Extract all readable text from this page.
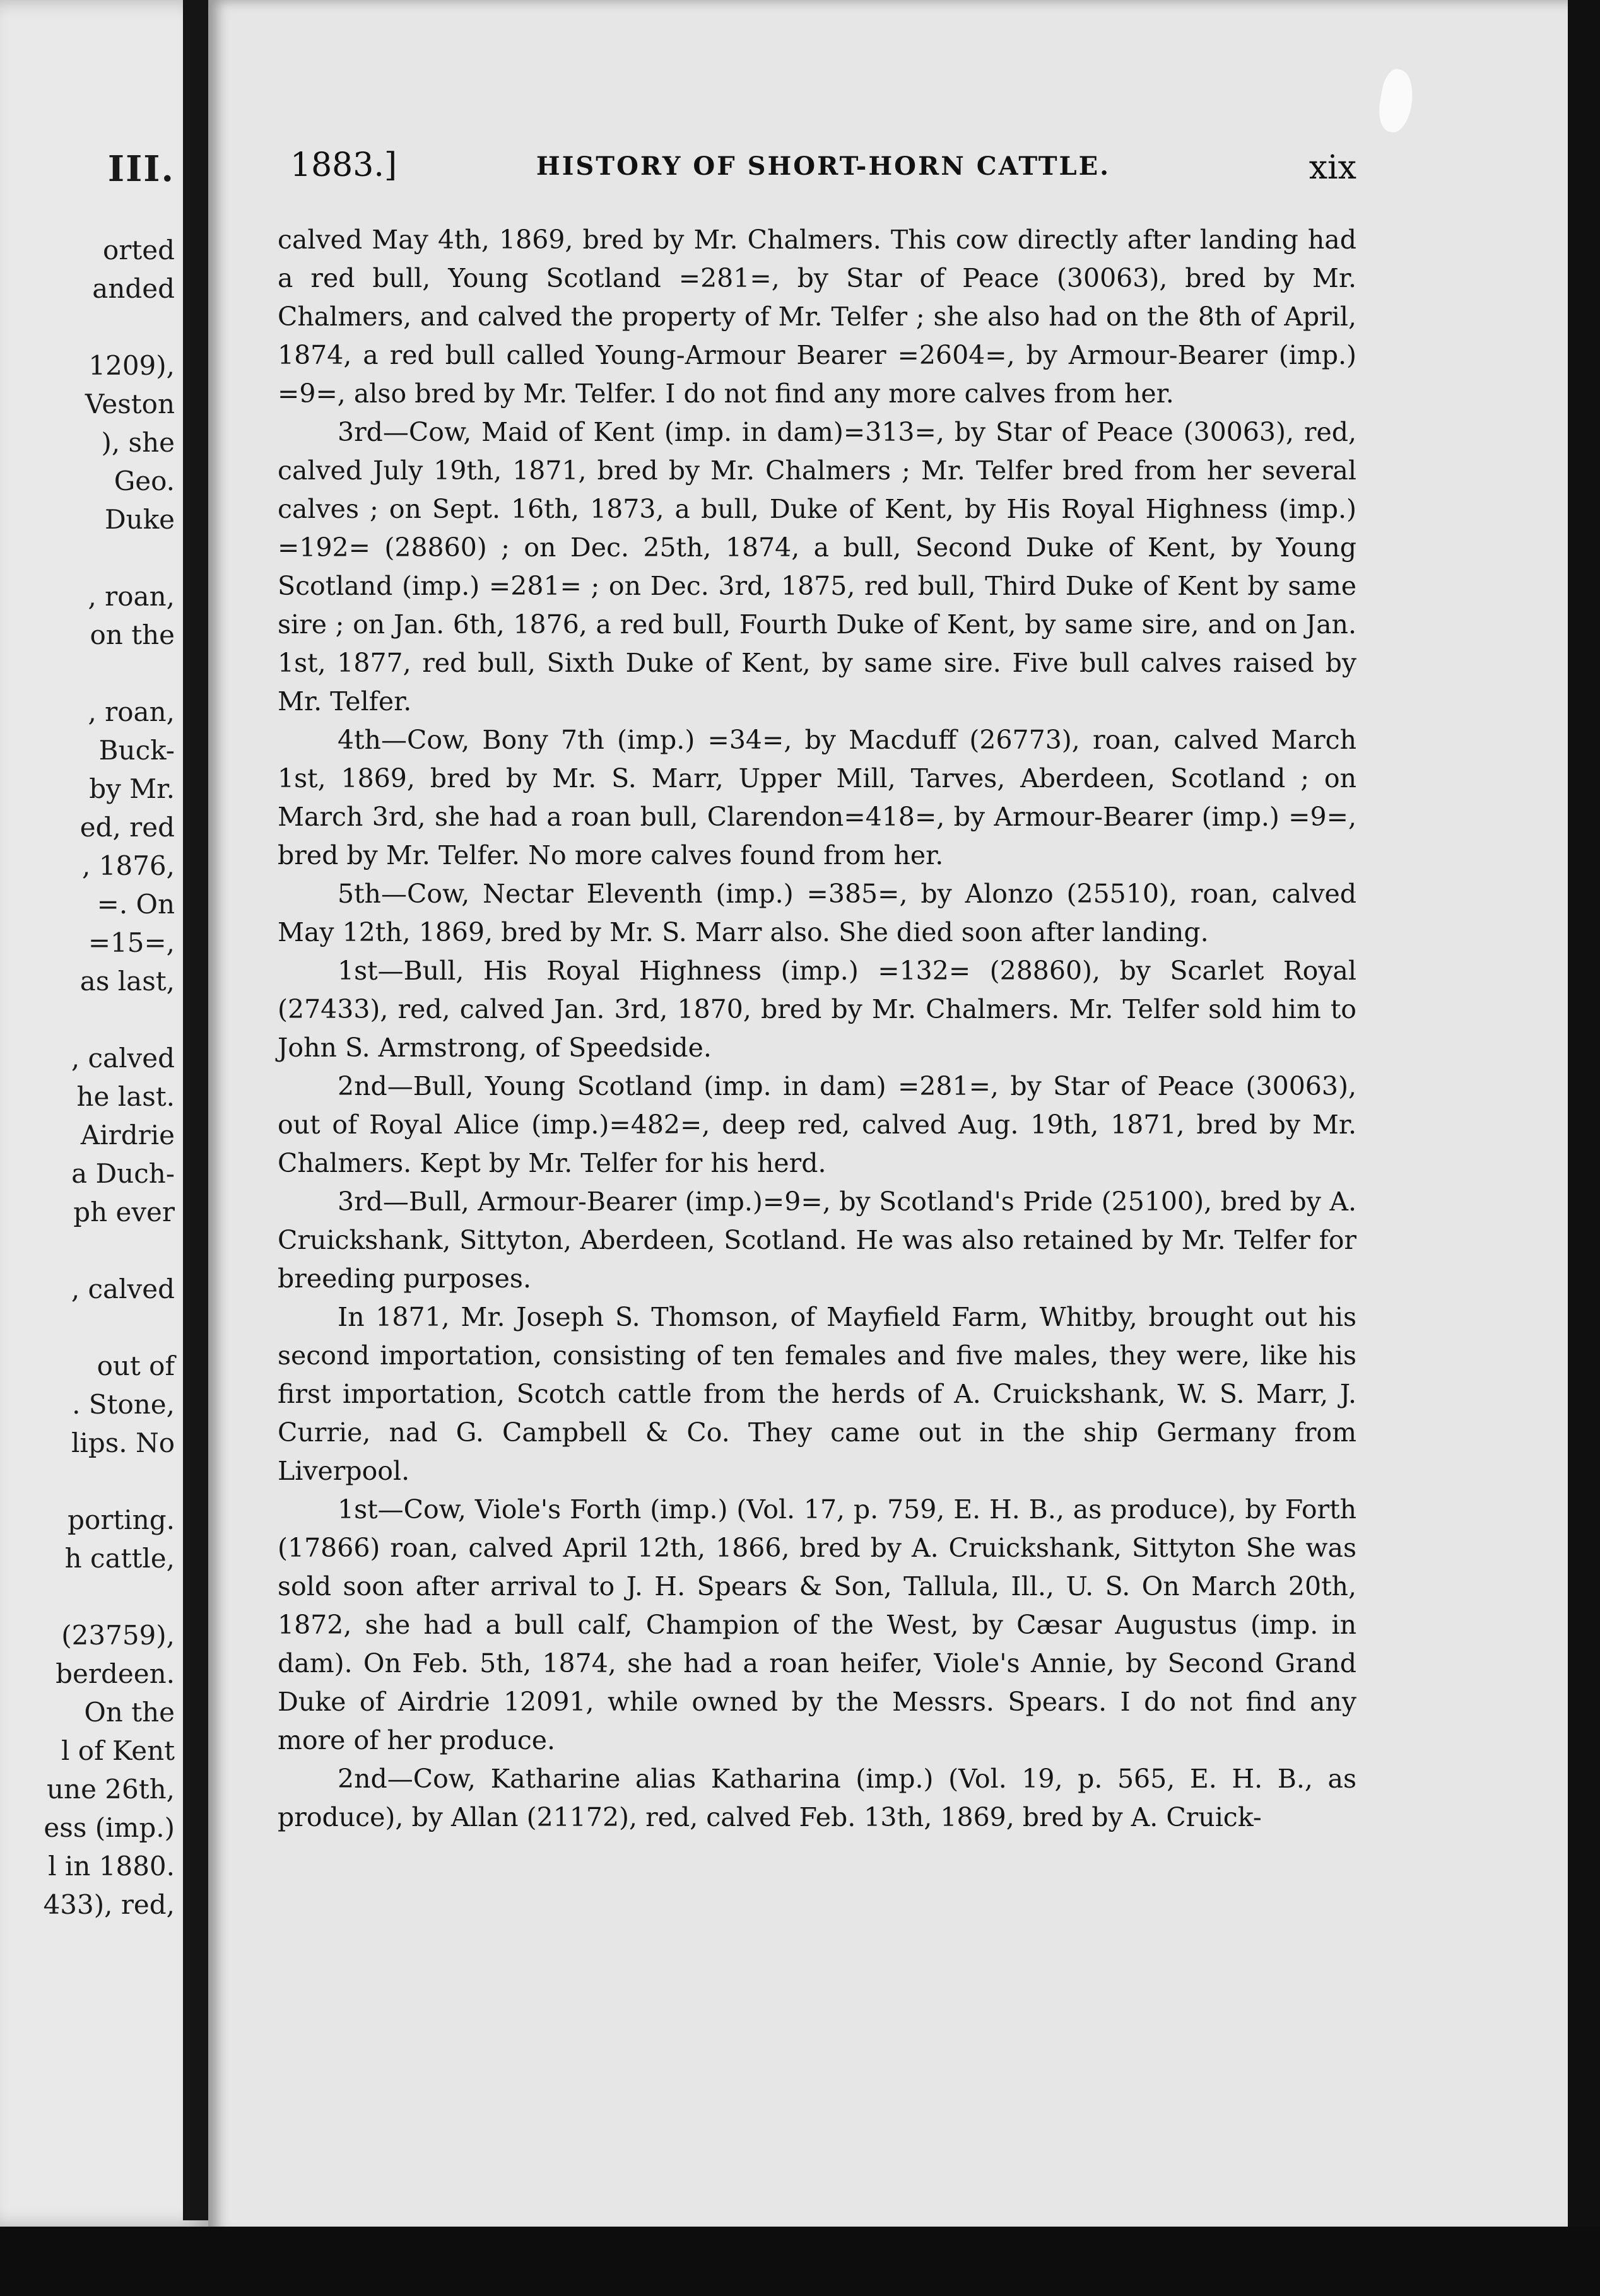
III.
orted
anded
1209),
Veston
), she
Geo.
Duke
, roan,
on the
, roan,
Buck-
by Mr.
ed, red
, 1876,
=. On
=15=,
as last,
, calved
he last.
Airdrie
a Duch-
ph ever
, calved
out of
. Stone,
lips. No
porting.
h cattle,
(23759),
berdeen.
On the
l of Kent
une 26th,
ess (imp.)
l in 1880.
433), red,
1883.]	HISTORY OF SHORT-HORN CATTLE.	xix

calved May 4th, 1869, bred by Mr. Chalmers. This cow directly after landing had a red bull, Young Scotland =281=, by Star of Peace (30063), bred by Mr. Chalmers, and calved the property of Mr. Telfer ; she also had on the 8th of April, 1874, a red bull called Young-Armour Bearer =2604=, by Armour-Bearer (imp.) =9=, also bred by Mr. Telfer. I do not find any more calves from her.

3rd—Cow, Maid of Kent (imp. in dam)=313=, by Star of Peace (30063), red, calved July 19th, 1871, bred by Mr. Chalmers ; Mr. Telfer bred from her several calves ; on Sept. 16th, 1873, a bull, Duke of Kent, by His Royal Highness (imp.) =192= (28860) ; on Dec. 25th, 1874, a bull, Second Duke of Kent, by Young Scotland (imp.) =281= ; on Dec. 3rd, 1875, red bull, Third Duke of Kent by same sire ; on Jan. 6th, 1876, a red bull, Fourth Duke of Kent, by same sire, and on Jan. 1st, 1877, red bull, Sixth Duke of Kent, by same sire. Five bull calves raised by Mr. Telfer.

4th—Cow, Bony 7th (imp.) =34=, by Macduff (26773), roan, calved March 1st, 1869, bred by Mr. S. Marr, Upper Mill, Tarves, Aberdeen, Scotland ; on March 3rd, she had a roan bull, Clarendon=418=, by Armour-Bearer (imp.) =9=, bred by Mr. Telfer. No more calves found from her.

5th—Cow, Nectar Eleventh (imp.) =385=, by Alonzo (25510), roan, calved May 12th, 1869, bred by Mr. S. Marr also. She died soon after landing.

1st—Bull, His Royal Highness (imp.) =132= (28860), by Scarlet Royal (27433), red, calved Jan. 3rd, 1870, bred by Mr. Chalmers. Mr. Telfer sold him to John S. Armstrong, of Speedside.

2nd—Bull, Young Scotland (imp. in dam) =281=, by Star of Peace (30063), out of Royal Alice (imp.)=482=, deep red, calved Aug. 19th, 1871, bred by Mr. Chalmers. Kept by Mr. Telfer for his herd.

3rd—Bull, Armour-Bearer (imp.)=9=, by Scotland's Pride (25100), bred by A. Cruickshank, Sittyton, Aberdeen, Scotland. He was also retained by Mr. Telfer for breeding purposes.

In 1871, Mr. Joseph S. Thomson, of Mayfield Farm, Whitby, brought out his second importation, consisting of ten females and five males, they were, like his first importation, Scotch cattle from the herds of A. Cruickshank, W. S. Marr, J. Currie, nad G. Campbell & Co. They came out in the ship Germany from Liverpool.

1st—Cow, Viole's Forth (imp.) (Vol. 17, p. 759, E. H. B., as produce), by Forth (17866) roan, calved April 12th, 1866, bred by A. Cruickshank, Sittyton She was sold soon after arrival to J. H. Spears & Son, Tallula, Ill., U. S. On March 20th, 1872, she had a bull calf, Champion of the West, by Cæsar Augustus (imp. in dam). On Feb. 5th, 1874, she had a roan heifer, Viole's Annie, by Second Grand Duke of Airdrie 12091, while owned by the Messrs. Spears. I do not find any more of her produce.

2nd—Cow, Katharine alias Katharina (imp.) (Vol. 19, p. 565, E. H. B., as produce), by Allan (21172), red, calved Feb. 13th, 1869, bred by A. Cruick-
